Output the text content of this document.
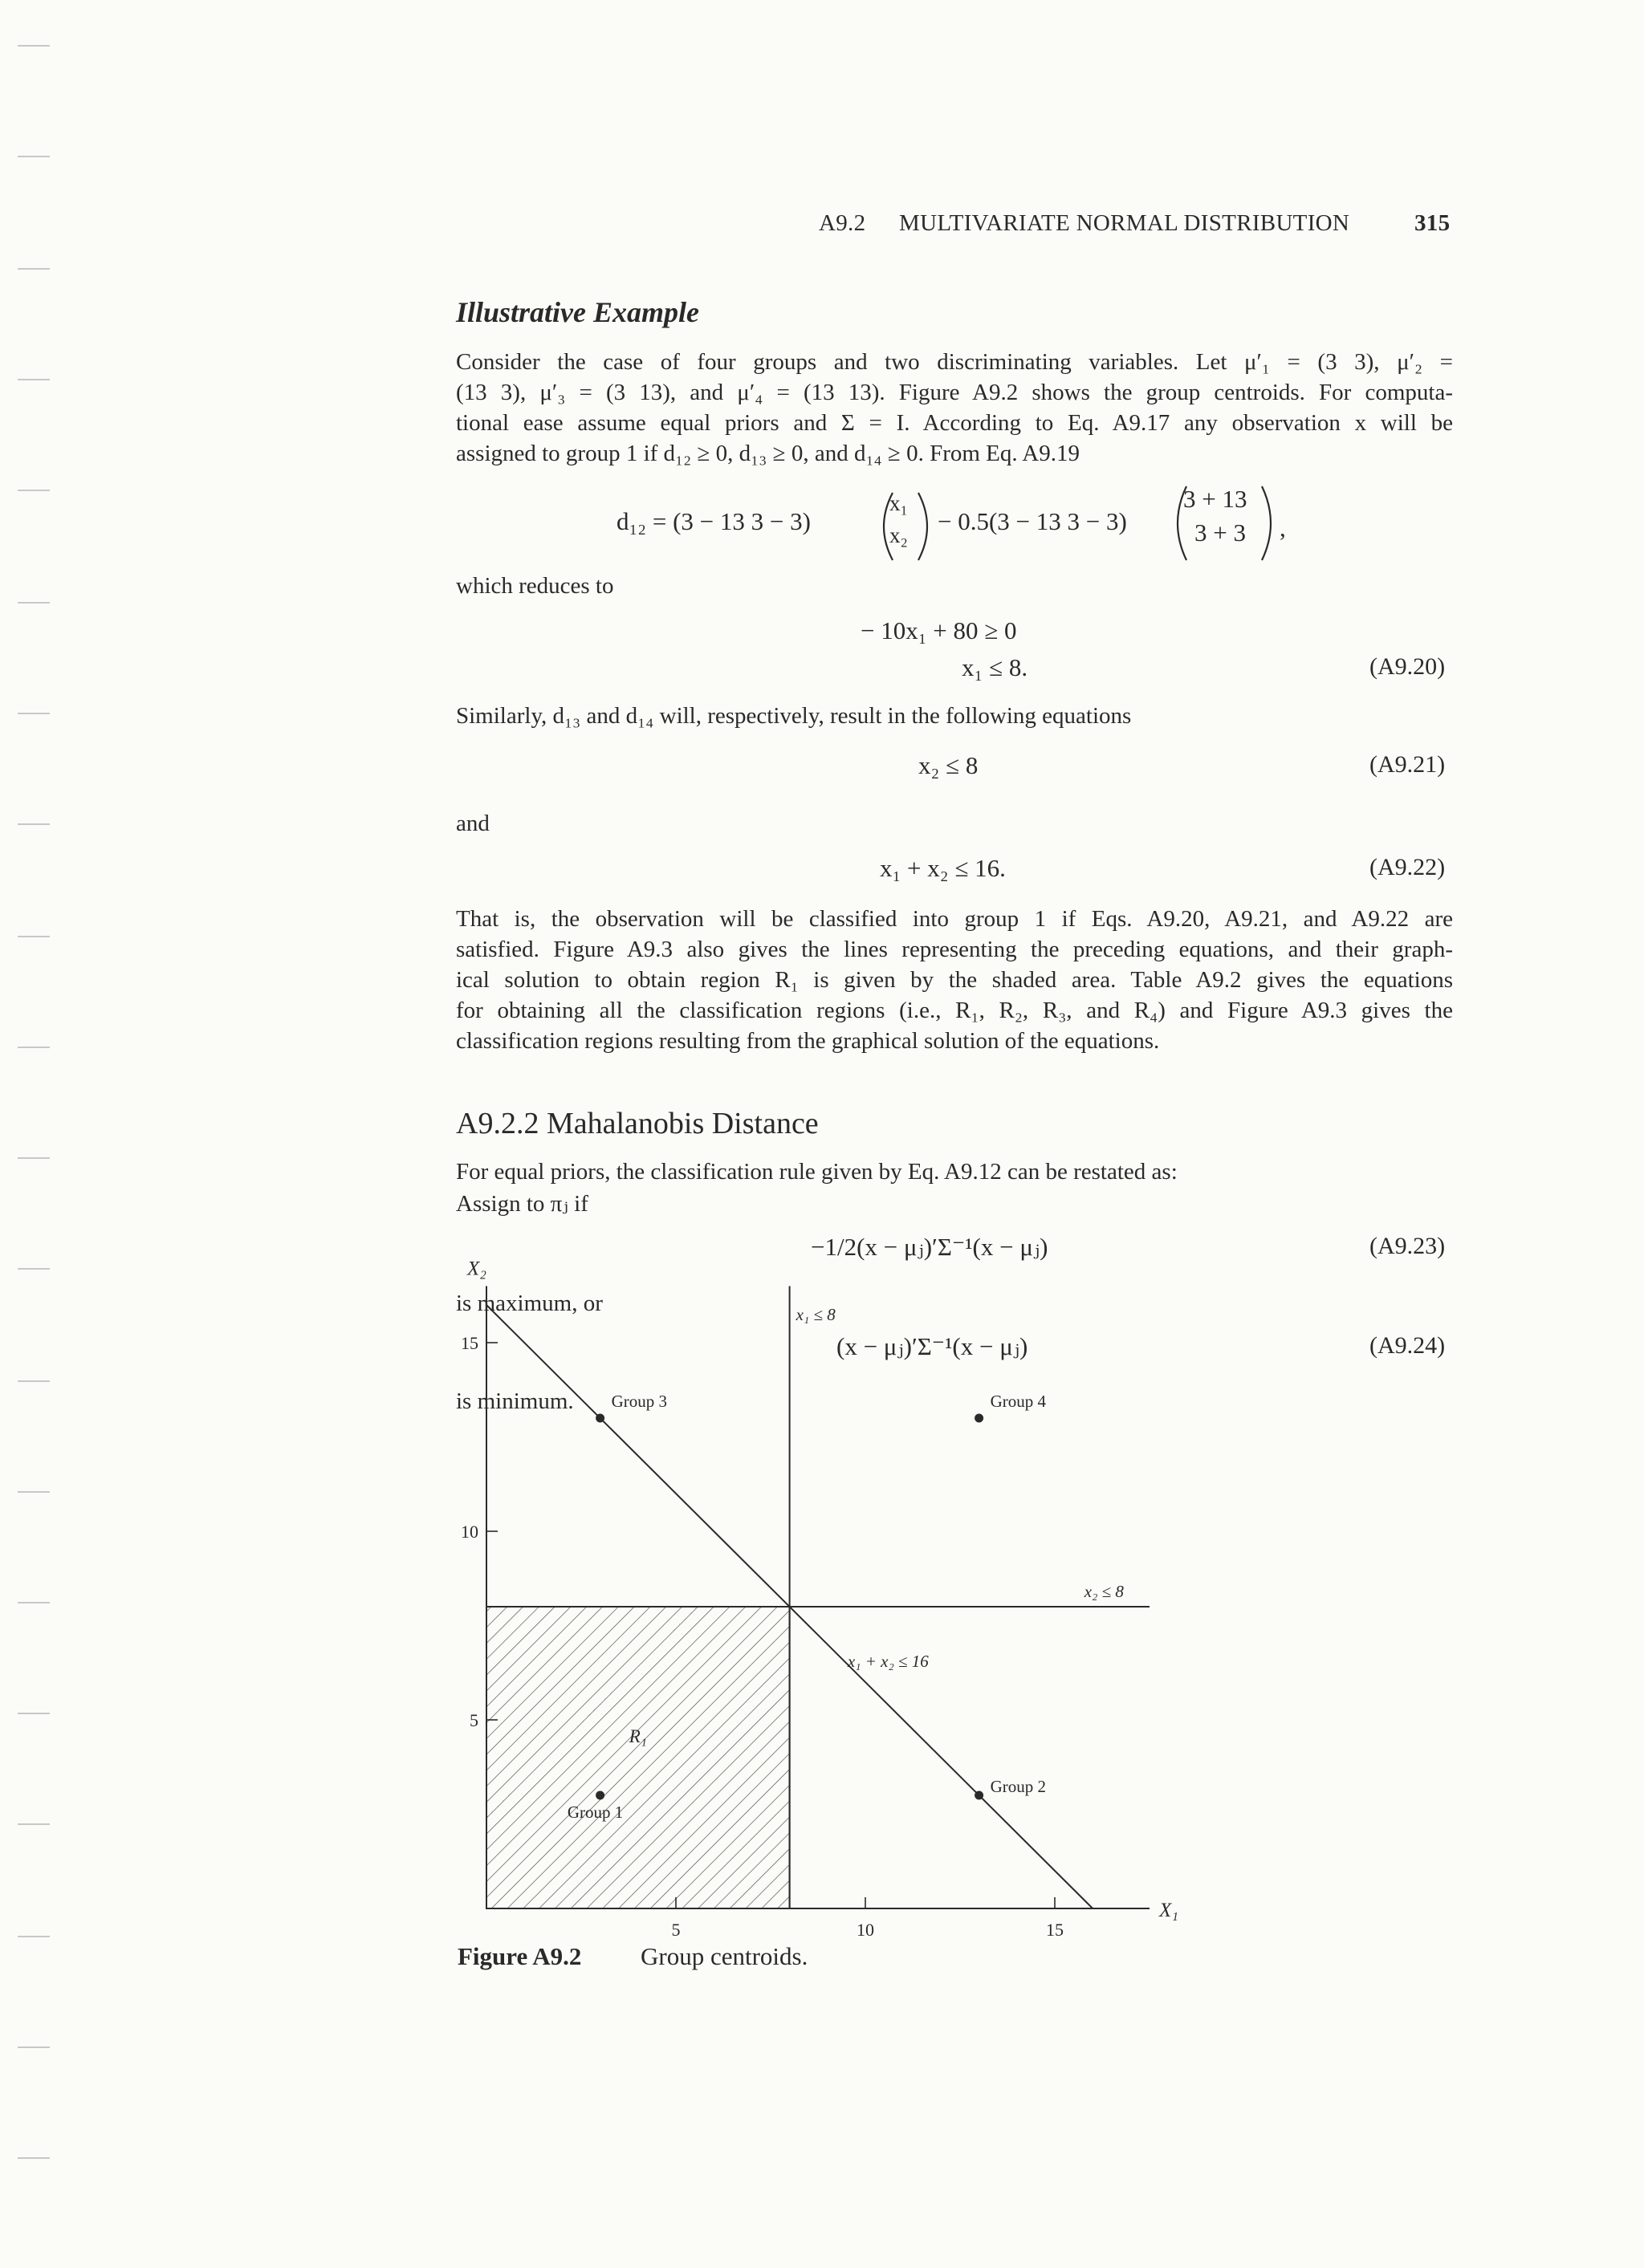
A9.2 MULTIVARIATE NORMAL DISTRIBUTION	315
Illustrative Example
Consider the case of four groups and two discriminating variables. Let μ′₁ = (3 3), μ′₂ =
(13 3), μ′₃ = (3 13), and μ′₄ = (13 13). Figure A9.2 shows the group centroids. For computa-
tional ease assume equal priors and Σ = I. According to Eq. A9.17 any observation x will be
assigned to group 1 if d₁₂ ≥ 0, d₁₃ ≥ 0, and d₁₄ ≥ 0. From Eq. A9.19
d₁₂ = (3 − 13 3 − 3)
x₁
x₂ − 0.5(3 − 13 3 − 3)
3 + 13
3 + 3 ,
which reduces to
− 10x₁ + 80 ≥ 0
x₁ ≤ 8.	(A9.20)
Similarly, d₁₃ and d₁₄ will, respectively, result in the following equations
x₂ ≤ 8	(A9.21)
and
x₁ + x₂ ≤ 16.	(A9.22)
That is, the observation will be classified into group 1 if Eqs. A9.20, A9.21, and A9.22 are
satisfied. Figure A9.3 also gives the lines representing the preceding equations, and their graph-
ical solution to obtain region R₁ is given by the shaded area. Table A9.2 gives the equations
for obtaining all the classification regions (i.e., R₁, R₂, R₃, and R₄) and Figure A9.3 gives the
classification regions resulting from the graphical solution of the equations.
A9.2.2 Mahalanobis Distance
For equal priors, the classification rule given by Eq. A9.12 can be restated as:
Assign to πⱼ if
−1/2(x − μⱼ)′Σ⁻¹(x − μⱼ)	(A9.23)
is maximum, or
(x − μⱼ)′Σ⁻¹(x − μⱼ)	(A9.24)
is minimum.
5
5
10
10
15
15
X₂
X₁
x₁ ≤ 8
x₂ ≤ 8
x₁ + x₂ ≤ 16
R₁
Group 1
Group 2
Group 3	Group 4
Figure A9.2 Group centroids.
